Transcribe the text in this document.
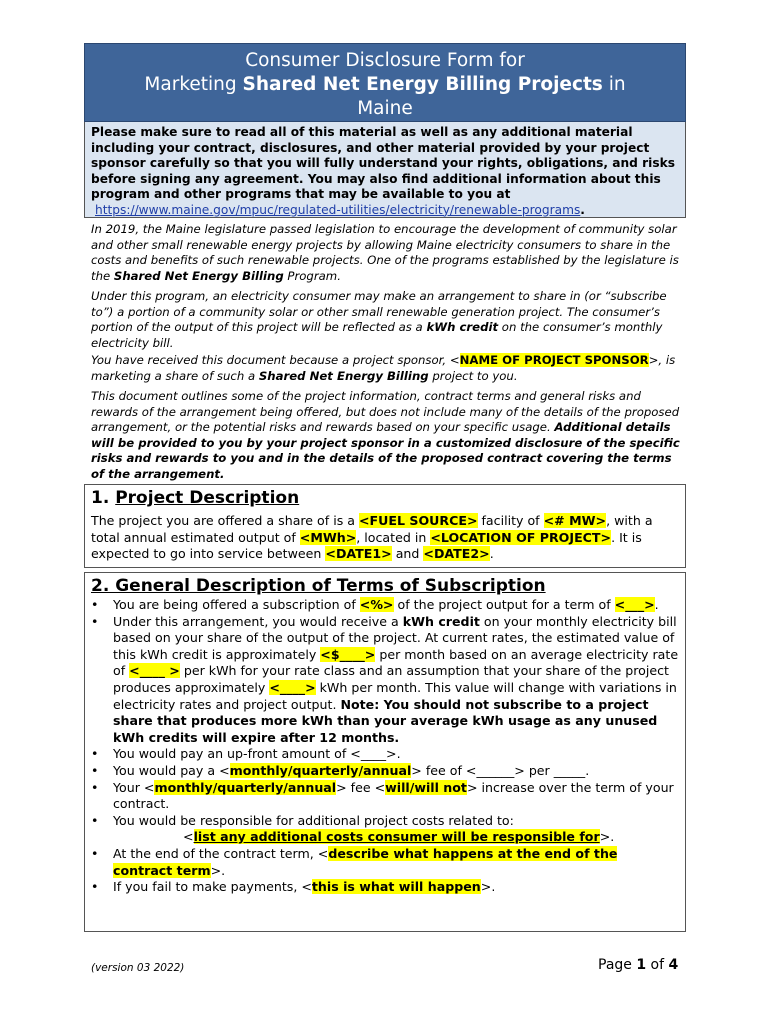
Consumer Disclosure Form for
Marketing Shared Net Energy Billing Projects in
Maine
Please make sure to read all of this material as well as any additional material including your contract, disclosures, and other material provided by your project sponsor carefully so that you will fully understand your rights, obligations, and risks before signing any agreement. You may also find additional information about this program and other programs that may be available to you at
https://www.maine.gov/mpuc/regulated-utilities/electricity/renewable-programs.
In 2019, the Maine legislature passed legislation to encourage the development of community solar and other small renewable energy projects by allowing Maine electricity consumers to share in the costs and benefits of such renewable projects. One of the programs established by the legislature is the Shared Net Energy Billing Program.
Under this program, an electricity consumer may make an arrangement to share in (or “subscribe to”) a portion of a community solar or other small renewable generation project. The consumer’s portion of the output of this project will be reflected as a kWh credit on the consumer’s monthly electricity bill.
You have received this document because a project sponsor, <NAME OF PROJECT SPONSOR>, is marketing a share of such a Shared Net Energy Billing project to you.
This document outlines some of the project information, contract terms and general risks and rewards of the arrangement being offered, but does not include many of the details of the proposed arrangement, or the potential risks and rewards based on your specific usage. Additional details will be provided to you by your project sponsor in a customized disclosure of the specific risks and rewards to you and in the details of the proposed contract covering the terms of the arrangement.
1. Project Description
The project you are offered a share of is a <FUEL SOURCE> facility of <# MW>, with a total annual estimated output of <MWh>, located in <LOCATION OF PROJECT>. It is expected to go into service between <DATE1> and <DATE2>.
2. General Description of Terms of Subscription
• You are being offered a subscription of <%> of the project output for a term of <___>.
• Under this arrangement, you would receive a kWh credit on your monthly electricity bill based on your share of the output of the project. At current rates, the estimated value of this kWh credit is approximately <$____> per month based on an average electricity rate of <____ > per kWh for your rate class and an assumption that your share of the project produces approximately <____> kWh per month. This value will change with variations in electricity rates and project output. Note: You should not subscribe to a project share that produces more kWh than your average kWh usage as any unused kWh credits will expire after 12 months.
• You would pay an up-front amount of <____>.
• You would pay a <monthly/quarterly/annual> fee of <______> per _____.
• Your <monthly/quarterly/annual> fee <will/will not> increase over the term of your contract.
• You would be responsible for additional project costs related to:
<list any additional costs consumer will be responsible for>.
• At the end of the contract term, <describe what happens at the end of the contract term>.
• If you fail to make payments, <this is what will happen>.
(version 03 2022)	Page 1 of 4
